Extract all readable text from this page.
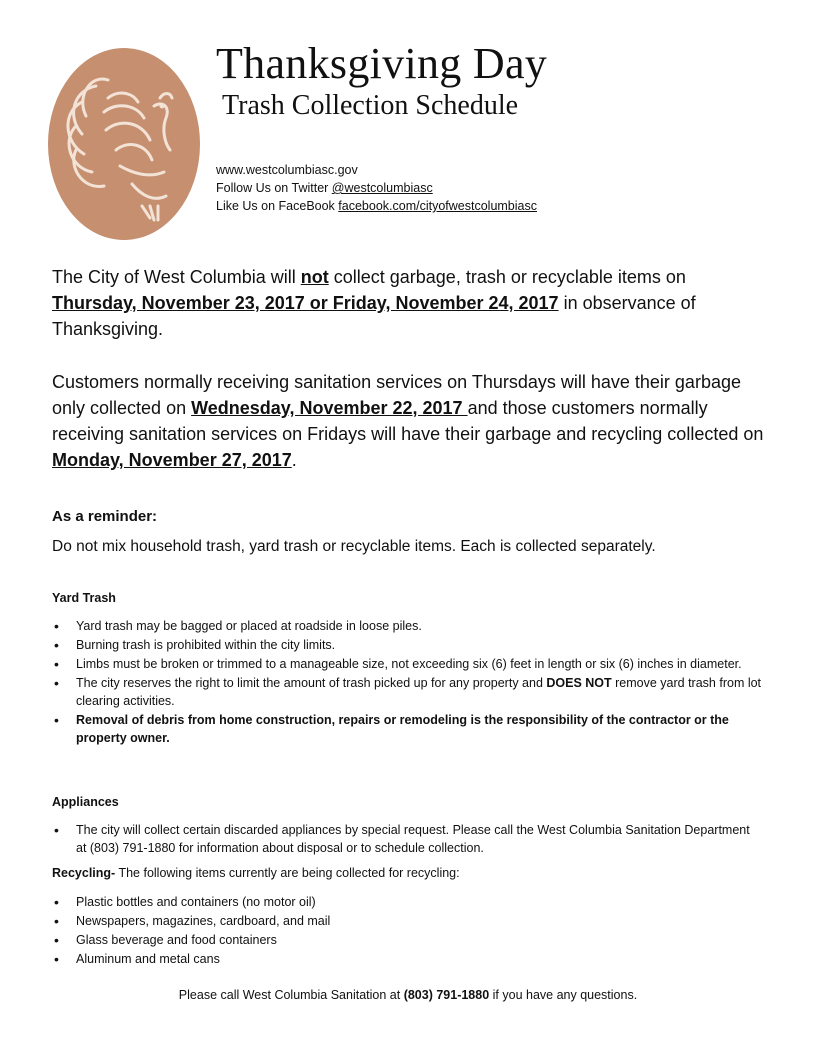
Thanksgiving Day
Trash Collection Schedule
www.westcolumbiasc.gov
Follow Us on Twitter @westcolumbiasc
Like Us on FaceBook facebook.com/cityofwestcolumbiasc

The City of West Columbia will not collect garbage, trash or recyclable items on Thursday, November 23, 2017 or Friday, November 24, 2017 in observance of Thanksgiving.

Customers normally receiving sanitation services on Thursdays will have their garbage only collected on Wednesday, November 22, 2017 and those customers normally receiving sanitation services on Fridays will have their garbage and recycling collected on Monday, November 27, 2017.

As a reminder:

Do not mix household trash, yard trash or recyclable items. Each is collected separately.

Yard Trash

• Yard trash may be bagged or placed at roadside in loose piles.
• Burning trash is prohibited within the city limits.
• Limbs must be broken or trimmed to a manageable size, not exceeding six (6) feet in length or six (6) inches in diameter.
• The city reserves the right to limit the amount of trash picked up for any property and DOES NOT remove yard trash from lot clearing activities.
• Removal of debris from home construction, repairs or remodeling is the responsibility of the contractor or the property owner.

Appliances

• The city will collect certain discarded appliances by special request. Please call the West Columbia Sanitation Department at (803) 791-1880 for information about disposal or to schedule collection.

Recycling- The following items currently are being collected for recycling:

• Plastic bottles and containers (no motor oil)
• Newspapers, magazines, cardboard, and mail
• Glass beverage and food containers
• Aluminum and metal cans

Please call West Columbia Sanitation at (803) 791-1880 if you have any questions.
